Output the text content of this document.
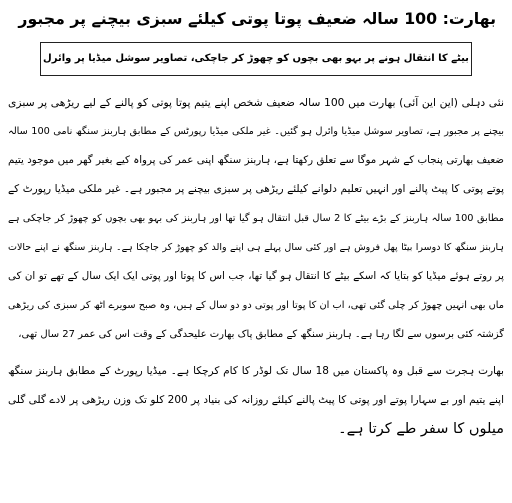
بھارت: 100 سالہ ضعیف پوتا پوتی کیلئے سبزی بیچنے پر مجبور
بیٹے کا انتقال ہونے پر بہو بھی بچوں کو چھوڑ کر جاچکی، تصاویر سوشل میڈیا پر وائرل
نئی دہلی (این این آئی) بھارت میں 100 سالہ ضعیف شخص اپنے یتیم پوتا پوتی کو پالنے کے لیے ریڑھی پر سبزی
بیچنے پر مجبور ہے، تصاویر سوشل میڈیا وائرل ہو گئیں۔ غیر ملکی میڈیا رپورٹس کے مطابق ہاربنز سنگھ نامی 100 سالہ
ضعیف بھارتی پنجاب کے شہر موگا سے تعلق رکھتا ہے، ہاربنز سنگھ اپنی عمر کی پرواہ کیے بغیر گھر میں موجود یتیم
پوتے پوتی کا پیٹ پالنے اور انہیں تعلیم دلوانے کیلئے ریڑھی پر سبزی بیچنے پر مجبور ہے۔ غیر ملکی میڈیا رپورٹ کے
مطابق 100 سالہ ہاربنز کے بڑے بیٹے کا 2 سال قبل انتقال ہو گیا تھا اور ہاربنز کی بہو بھی بچوں کو چھوڑ کر جاچکی ہے
ہاربنز سنگھ کا دوسرا بیٹا پھل فروش ہے اور کئی سال پہلے ہی اپنے والد کو چھوڑ کر جاچکا ہے۔ ہاربنز سنگھ نے اپنے حالات
پر روتے ہوئے میڈیا کو بتایا کہ اسکے بیٹے کا انتقال ہو گیا تھا، جب اس کا پوتا اور پوتی ایک ایک سال کے تھے تو ان کی
ماں بھی انہیں چھوڑ کر چلی گئی تھی، اب ان کا پوتا اور پوتی دو دو سال کے ہیں، وہ صبح سویرے اٹھ کر سبزی کی ریڑھی
گزشتہ کئی برسوں سے لگا رہا ہے۔ ہاربنز سنگھ کے مطابق پاک بھارت علیحدگی کے وقت اس کی عمر 27 سال تھی،
بھارت ہجرت سے قبل وہ پاکستان میں 18 سال تک لوڈر کا کام کرچکا ہے۔ میڈیا رپورٹ کے مطابق ہاربنز سنگھ
اپنے یتیم اور بے سہارا پوتے اور پوتی کا پیٹ پالنے کیلئے روزانہ کی بنیاد پر 200 کلو تک وزن ریڑھی پر لادے گلی گلی
میلوں کا سفر طے کرتا ہے۔
